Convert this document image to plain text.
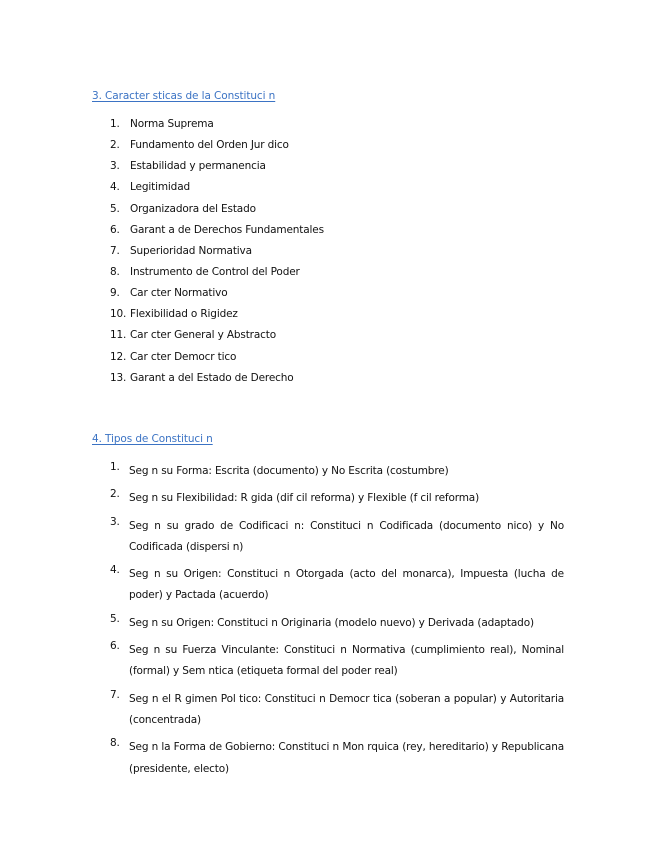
3. Caracter sticas de la Constituci n
1. Norma Suprema
2. Fundamento del Orden Jur dico
3. Estabilidad y permanencia
4. Legitimidad
5. Organizadora del Estado
6. Garant a de Derechos Fundamentales
7. Superioridad Normativa
8. Instrumento de Control del Poder
9. Car cter Normativo
10. Flexibilidad o Rigidez
11. Car cter General y Abstracto
12. Car cter Democr tico
13. Garant a del Estado de Derecho
4. Tipos de Constituci n
1. Seg n su Forma: Escrita (documento) y No Escrita (costumbre)
2. Seg n su Flexibilidad: R gida (dif cil reforma) y Flexible (f cil reforma)
3. Seg n su grado de Codificaci n: Constituci n Codificada (documento nico) y No Codificada (dispersi n)
4. Seg n su Origen: Constituci n Otorgada (acto del monarca), Impuesta (lucha de poder) y Pactada (acuerdo)
5. Seg n su Origen: Constituci n Originaria (modelo nuevo) y Derivada (adaptado)
6. Seg n su Fuerza Vinculante: Constituci n Normativa (cumplimiento real), Nominal (formal) y Sem ntica (etiqueta formal del poder real)
7. Seg n el R gimen Pol tico: Constituci n Democr tica (soberan a popular) y Autoritaria (concentrada)
8. Seg n la Forma de Gobierno: Constituci n Mon rquica (rey, hereditario) y Republicana (presidente, electo)
